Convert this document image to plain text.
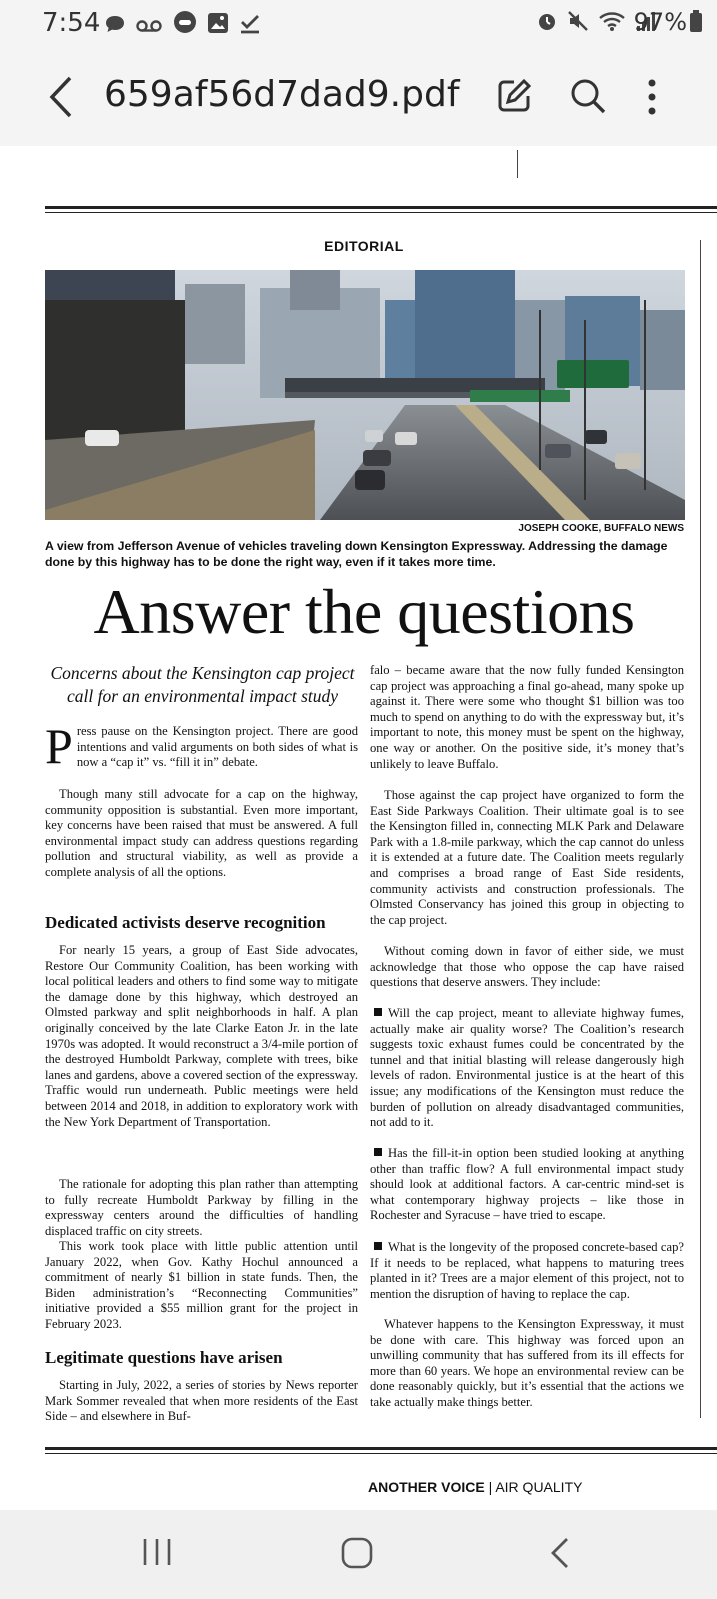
7:54

	97%
659af56d7dad9.pdf
EDITORIAL
JOSEPH COOKE, BUFFALO NEWS
A view from Jefferson Avenue of vehicles traveling down Kensington Expressway. Addressing the damage done by this highway has to be done the right way, even if it takes more time.
Answer the questions
Concerns about the Kensington cap project call for an environmental impact study

Press pause on the Kensington project. There are good intentions and valid arguments on both sides of what is now a “cap it” vs. “fill it in” debate.

Though many still advocate for a cap on the highway, community opposition is substantial. Even more important, key concerns have been raised that must be answered. A full environmental impact study can address questions regarding pollution and structural viability, as well as provide a complete analysis of all the options.

Dedicated activists deserve recognition

For nearly 15 years, a group of East Side advocates, Restore Our Community Coalition, has been working with local political leaders and others to find some way to mitigate the damage done by this highway, which destroyed an Olmsted parkway and split neighborhoods in half. A plan originally conceived by the late Clarke Eaton Jr. in the late 1970s was adopted. It would reconstruct a 3/4-mile portion of the destroyed Humboldt Parkway, complete with trees, bike lanes and gardens, above a covered section of the expressway. Traffic would run underneath. Public meetings were held between 2014 and 2018, in addition to exploratory work with the New York Department of Transportation.

The rationale for adopting this plan rather than attempting to fully recreate Humboldt Parkway by filling in the expressway centers around the difficulties of handling displaced traffic on city streets.

This work took place with little public attention until January 2022, when Gov. Kathy Hochul announced a commitment of nearly $1 billion in state funds. Then, the Biden administration’s “Reconnecting Communities” initiative provided a $55 million grant for the project in February 2023.

Legitimate questions have arisen

Starting in July, 2022, a series of stories by News reporter Mark Sommer revealed that when more residents of the East Side – and elsewhere in Buf-

falo – became aware that the now fully funded Kensington cap project was approaching a final go-ahead, many spoke up against it. There were some who thought $1 billion was too much to spend on anything to do with the expressway but, it’s important to note, this money must be spent on the highway, one way or another. On the positive side, it’s money that’s unlikely to leave Buffalo.

Those against the cap project have organized to form the East Side Parkways Coalition. Their ultimate goal is to see the Kensington filled in, connecting MLK Park and Delaware Park with a 1.8-mile parkway, which the cap cannot do unless it is extended at a future date. The Coalition meets regularly and comprises a broad range of East Side residents, community activists and construction professionals. The Olmsted Conservancy has joined this group in objecting to the cap project.

Without coming down in favor of either side, we must acknowledge that those who oppose the cap have raised questions that deserve answers. They include:

Will the cap project, meant to alleviate highway fumes, actually make air quality worse? The Coalition’s research suggests toxic exhaust fumes could be concentrated by the tunnel and that initial blasting will release dangerously high levels of radon. Environmental justice is at the heart of this issue; any modifications of the Kensington must reduce the burden of pollution on already disadvantaged communities, not add to it.

Has the fill-it-in option been studied looking at anything other than traffic flow? A full environmental impact study should look at additional factors. A car-centric mind-set is what contemporary highway projects – like those in Rochester and Syracuse – have tried to escape.

What is the longevity of the proposed concrete-based cap? If it needs to be replaced, what happens to maturing trees planted in it? Trees are a major element of this project, not to mention the disruption of having to replace the cap.

Whatever happens to the Kensington Expressway, it must be done with care. This highway was forced upon an unwilling community that has suffered from its ill effects for more than 60 years. We hope an environmental review can be done reasonably quickly, but it’s essential that the actions we take actually make things better.

ANOTHER VOICE | AIR QUALITY
